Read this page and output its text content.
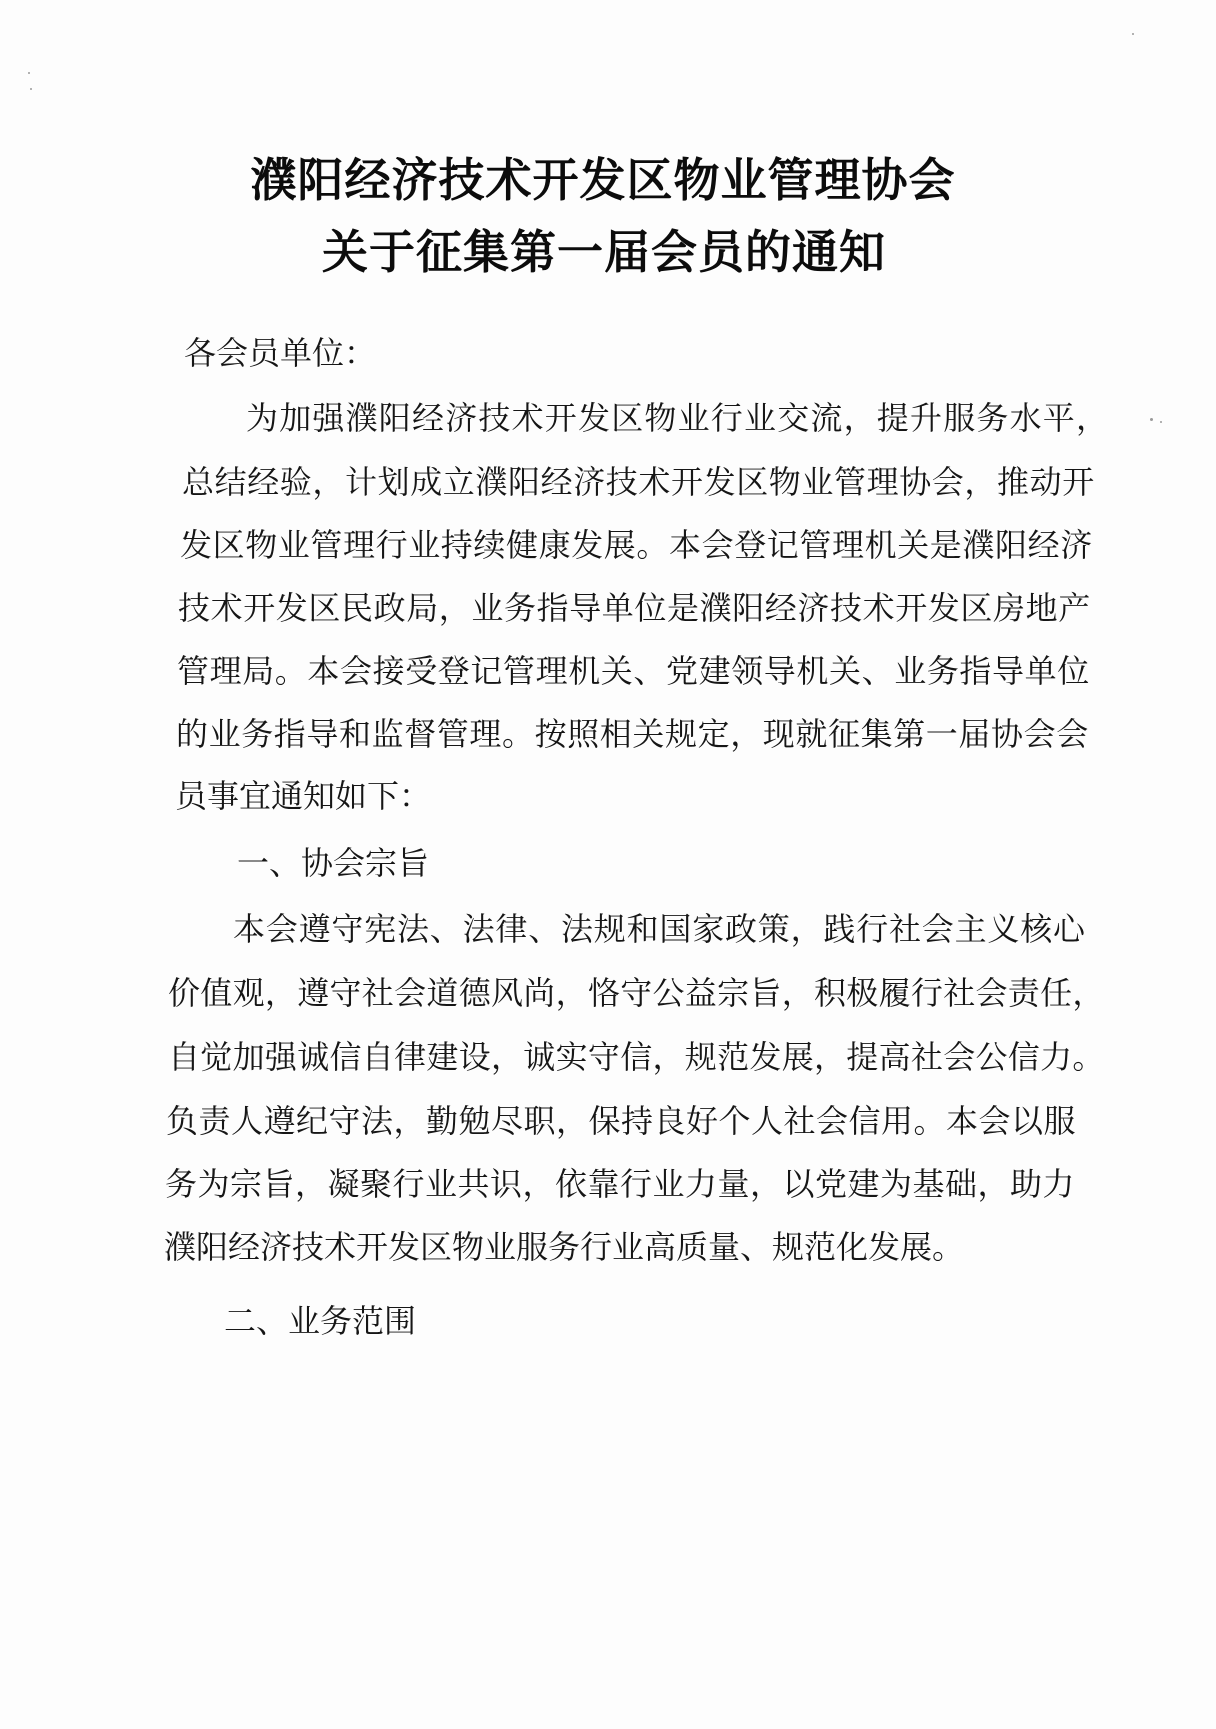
濮阳经济技术开发区物业管理协会
关于征集第一届会员的通知
各会员单位：
为加强濮阳经济技术开发区物业行业交流，提升服务水平，
总结经验，计划成立濮阳经济技术开发区物业管理协会，推动开
发区物业管理行业持续健康发展。本会登记管理机关是濮阳经济
技术开发区民政局，业务指导单位是濮阳经济技术开发区房地产
管理局。本会接受登记管理机关、党建领导机关、业务指导单位
的业务指导和监督管理。按照相关规定，现就征集第一届协会会
员事宜通知如下：
一、协会宗旨
本会遵守宪法、法律、法规和国家政策，践行社会主义核心
价值观，遵守社会道德风尚，恪守公益宗旨，积极履行社会责任，
自觉加强诚信自律建设，诚实守信，规范发展，提高社会公信力。
负责人遵纪守法，勤勉尽职，保持良好个人社会信用。本会以服
务为宗旨，凝聚行业共识，依靠行业力量，以党建为基础，助力
濮阳经济技术开发区物业服务行业高质量、规范化发展。
二、业务范围
